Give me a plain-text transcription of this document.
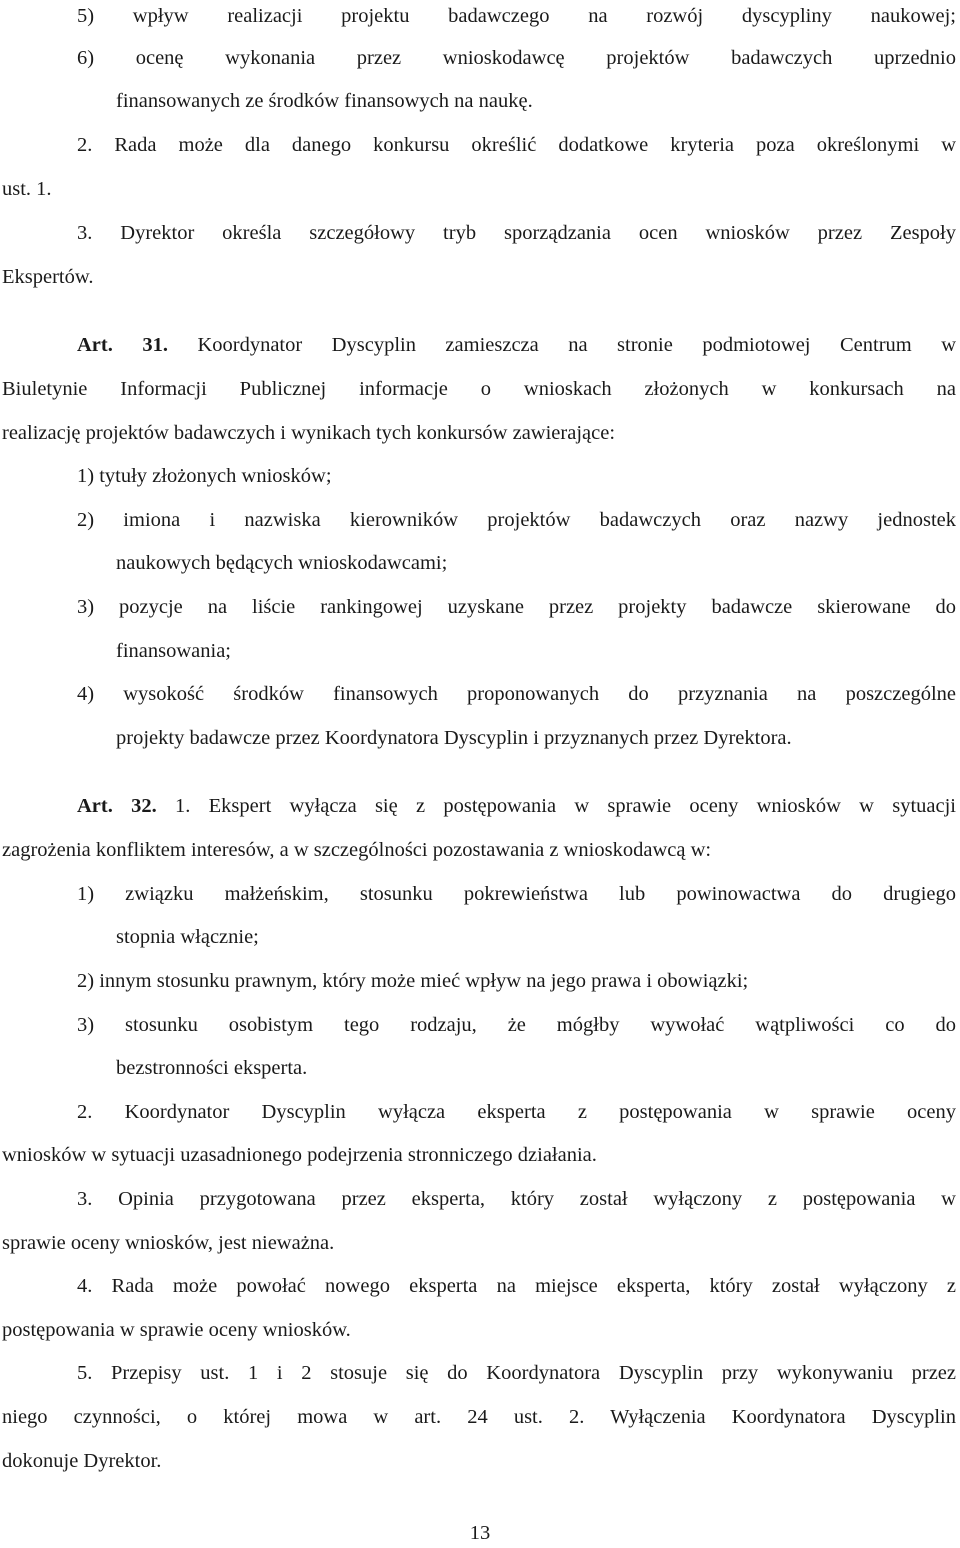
5) wpływ realizacji projektu badawczego na rozwój dyscypliny naukowej;
6) ocenę wykonania przez wnioskodawcę projektów badawczych uprzednio
finansowanych ze środków finansowych na naukę.
2. Rada może dla danego konkursu określić dodatkowe kryteria poza określonymi w
ust. 1.
3. Dyrektor określa szczegółowy tryb sporządzania ocen wniosków przez Zespoły
Ekspertów.
Art. 31. Koordynator Dyscyplin zamieszcza na stronie podmiotowej Centrum w
Biuletynie Informacji Publicznej informacje o wnioskach złożonych w konkursach na
realizację projektów badawczych i wynikach tych konkursów zawierające:
1) tytuły złożonych wniosków;
2) imiona i nazwiska kierowników projektów badawczych oraz nazwy jednostek
naukowych będących wnioskodawcami;
3) pozycje na liście rankingowej uzyskane przez projekty badawcze skierowane do
finansowania;
4) wysokość środków finansowych proponowanych do przyznania na poszczególne
projekty badawcze przez Koordynatora Dyscyplin i przyznanych przez Dyrektora.
Art. 32. 1. Ekspert wyłącza się z postępowania w sprawie oceny wniosków w sytuacji
zagrożenia konfliktem interesów, a w szczególności pozostawania z wnioskodawcą w:
1) związku małżeńskim, stosunku pokrewieństwa lub powinowactwa do drugiego
stopnia włącznie;
2) innym stosunku prawnym, który może mieć wpływ na jego prawa i obowiązki;
3) stosunku osobistym tego rodzaju, że mógłby wywołać wątpliwości co do
bezstronności eksperta.
2. Koordynator Dyscyplin wyłącza eksperta z postępowania w sprawie oceny
wniosków w sytuacji uzasadnionego podejrzenia stronniczego działania.
3. Opinia przygotowana przez eksperta, który został wyłączony z postępowania w
sprawie oceny wniosków, jest nieważna.
4. Rada może powołać nowego eksperta na miejsce eksperta, który został wyłączony z
postępowania w sprawie oceny wniosków.
5. Przepisy ust. 1 i 2 stosuje się do Koordynatora Dyscyplin przy wykonywaniu przez
niego czynności, o której mowa w art. 24 ust. 2. Wyłączenia Koordynatora Dyscyplin
dokonuje Dyrektor.
13
